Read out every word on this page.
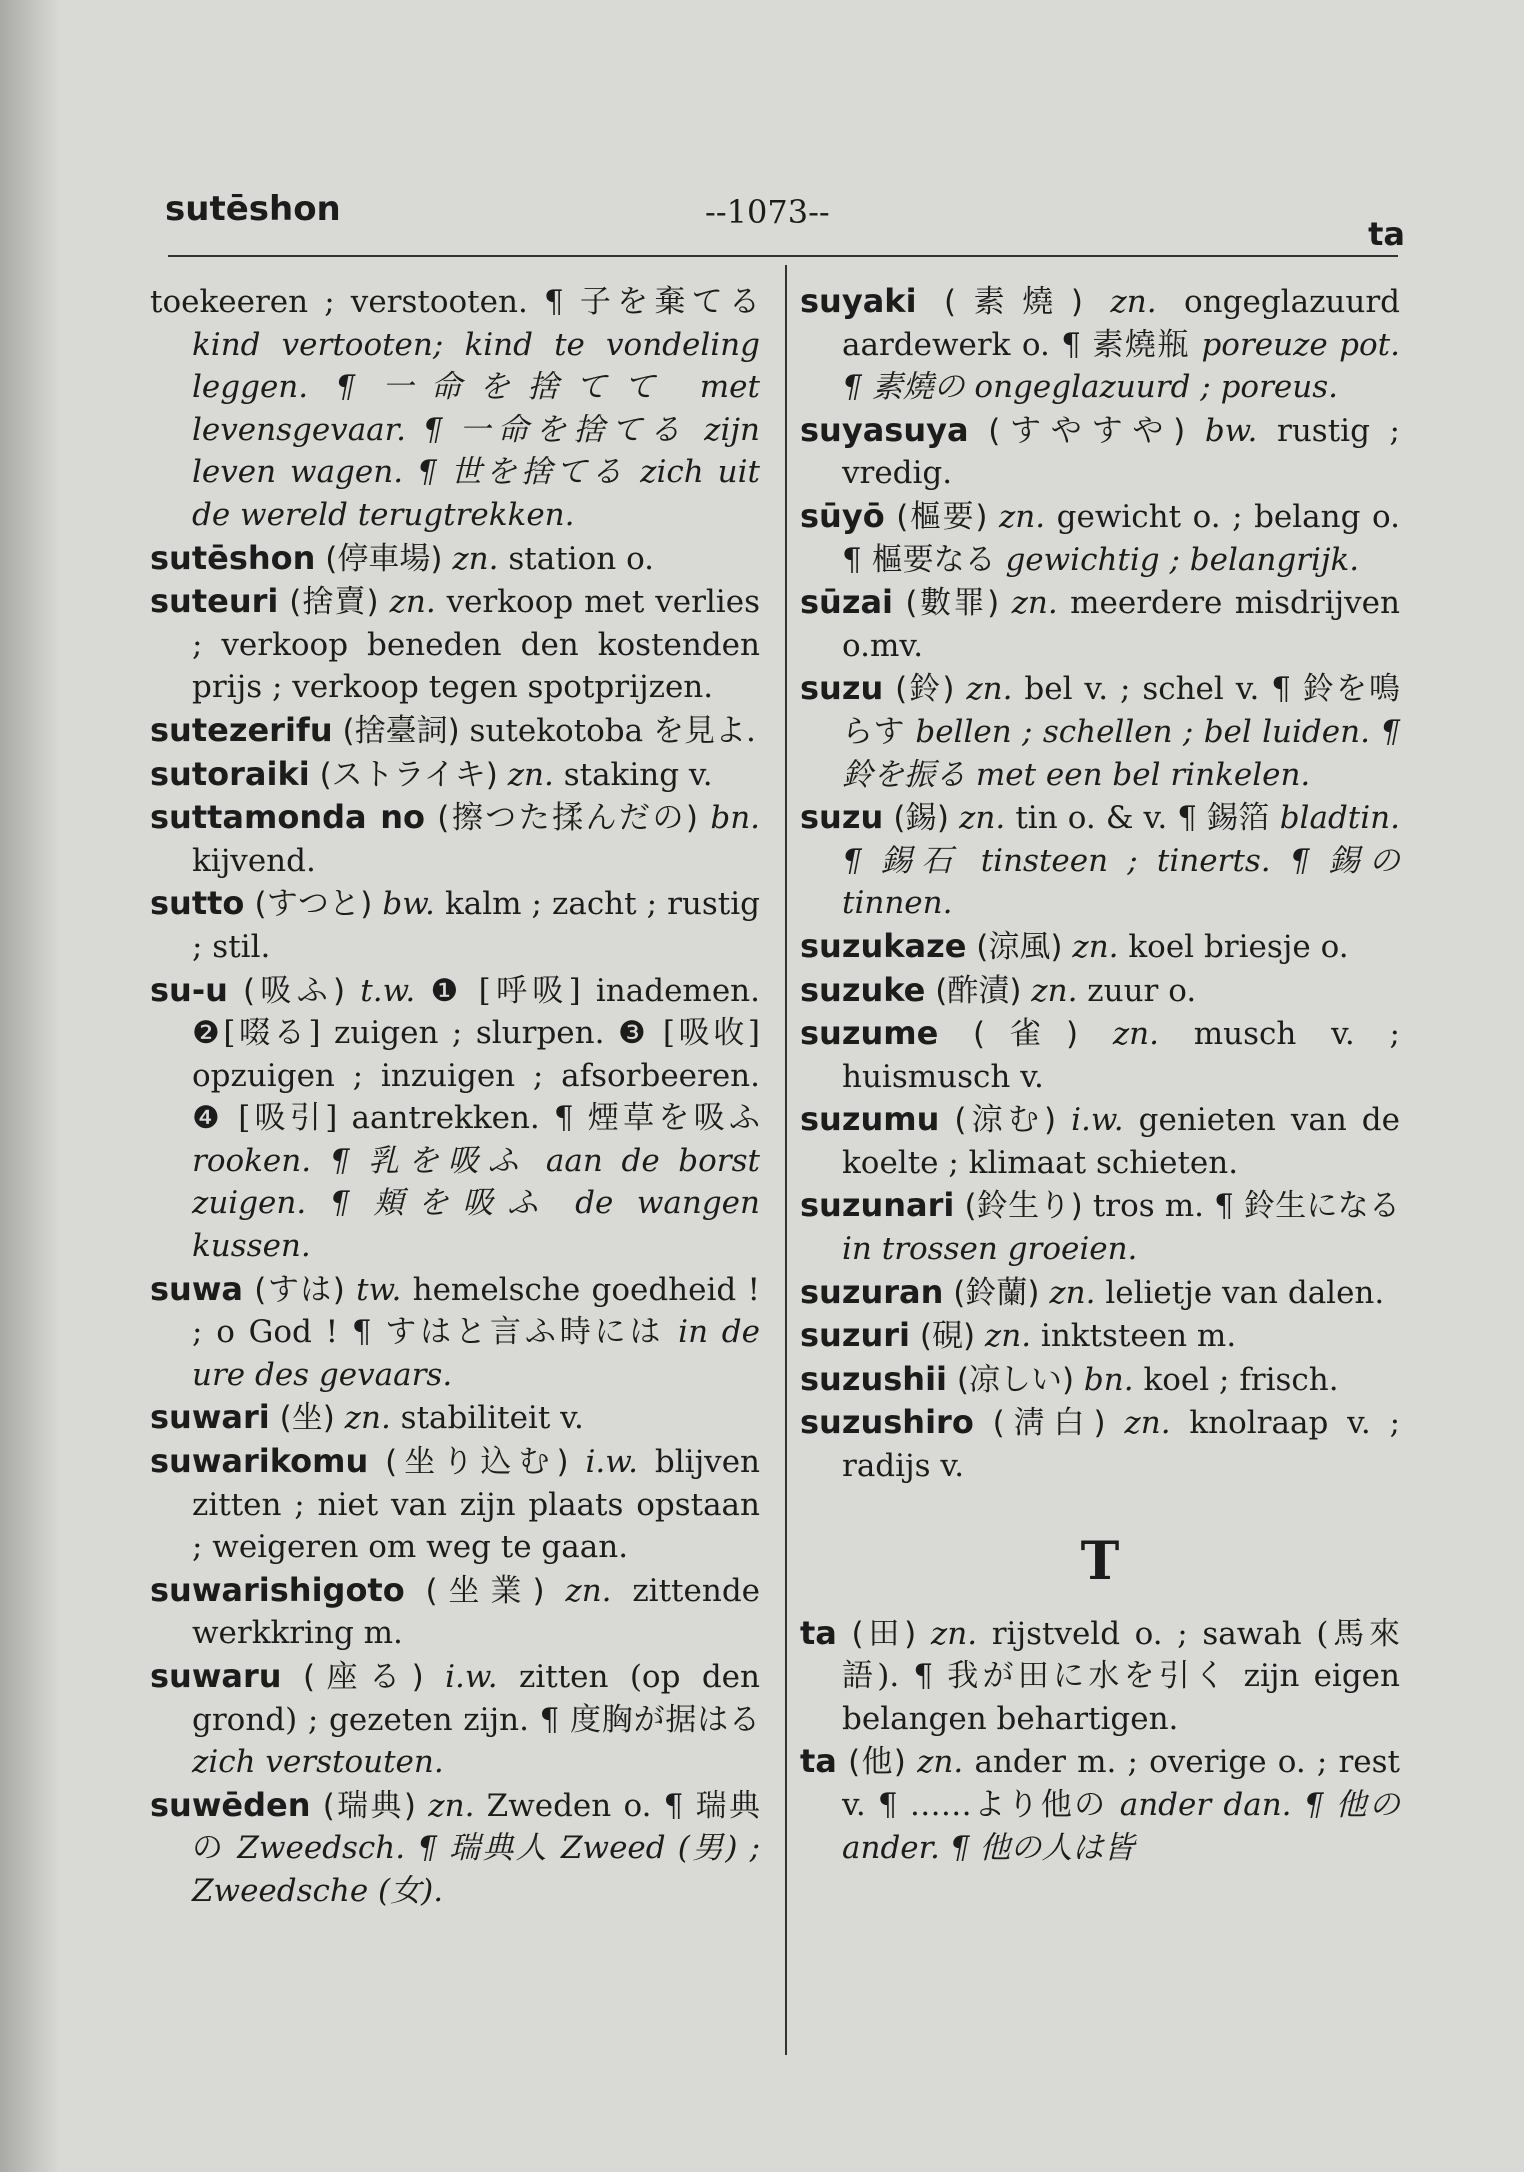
sutēshon	--1073--
ta
toekeeren ; verstooten. ¶ 子を棄てる kind vertooten; kind te vondeling leggen. ¶ 一命を捨てて met levensgevaar. ¶ 一命を捨てる zijn leven wagen. ¶ 世を捨てる zich uit de wereld terugtrekken.
sutēshon (停車場) zn. station o.
suteuri (捨賣) zn. verkoop met verlies ; verkoop beneden den kostenden prijs ; verkoop tegen spotprijzen.
sutezerifu (捨臺詞) sutekotoba を見よ.
sutoraiki (ストライキ) zn. staking v.
suttamonda no (擦つた揉んだの) bn. kijvend.
sutto (すつと) bw. kalm ; zacht ; rustig ; stil.
su-u (吸ふ) t.w. ❶ [呼吸] inademen. ❷[啜る] zuigen ; slurpen. ❸ [吸收] opzuigen ; inzuigen ; afsorbeeren. ❹ [吸引] aantrekken. ¶ 煙草を吸ふ rooken. ¶ 乳を吸ふ aan de borst zuigen. ¶ 頬を吸ふ de wangen kussen.
suwa (すは) tw. hemelsche goedheid ! ; o God ! ¶ すはと言ふ時には in de ure des gevaars.
suwari (坐) zn. stabiliteit v.
suwarikomu (坐り込む) i.w. blijven zitten ; niet van zijn plaats opstaan ; weigeren om weg te gaan.
suwarishigoto (坐業) zn. zittende werkkring m.
suwaru (座る) i.w. zitten (op den grond) ; gezeten zijn. ¶ 度胸が据はる zich verstouten.
suwēden (瑞典) zn. Zweden o. ¶ 瑞典の Zweedsch. ¶ 瑞典人 Zweed (男) ; Zweedsche (女).
suyaki (素燒) zn. ongeglazuurd aardewerk o. ¶ 素燒瓶 poreuze pot. ¶ 素燒の ongeglazuurd ; poreus.
suyasuya (すやすや) bw. rustig ; vredig.
sūyō (樞要) zn. gewicht o. ; belang o. ¶ 樞要なる gewichtig ; belangrijk.
sūzai (數罪) zn. meerdere misdrijven o.mv.
suzu (鈴) zn. bel v. ; schel v. ¶ 鈴を鳴らす bellen ; schellen ; bel luiden. ¶ 鈴を振る met een bel rinkelen.
suzu (錫) zn. tin o. & v. ¶ 錫箔 bladtin. ¶ 錫石 tinsteen ; tinerts. ¶ 錫の tinnen.
suzukaze (涼風) zn. koel briesje o.
suzuke (酢漬) zn. zuur o.
suzume (雀) zn. musch v. ; huismusch v.
suzumu (涼む) i.w. genieten van de koelte ; klimaat schieten.
suzunari (鈴生り) tros m. ¶ 鈴生になる in trossen groeien.
suzuran (鈴蘭) zn. lelietje van dalen.
suzuri (硯) zn. inktsteen m.
suzushii (凉しい) bn. koel ; frisch.
suzushiro (淸白) zn. knolraap v. ; radijs v.
T
ta (田) zn. rijstveld o. ; sawah (馬來語). ¶ 我が田に水を引く zijn eigen belangen behartigen.
ta (他) zn. ander m. ; overige o. ; rest v. ¶ ……より他の ander dan. ¶ 他の ander. ¶ 他の人は皆
